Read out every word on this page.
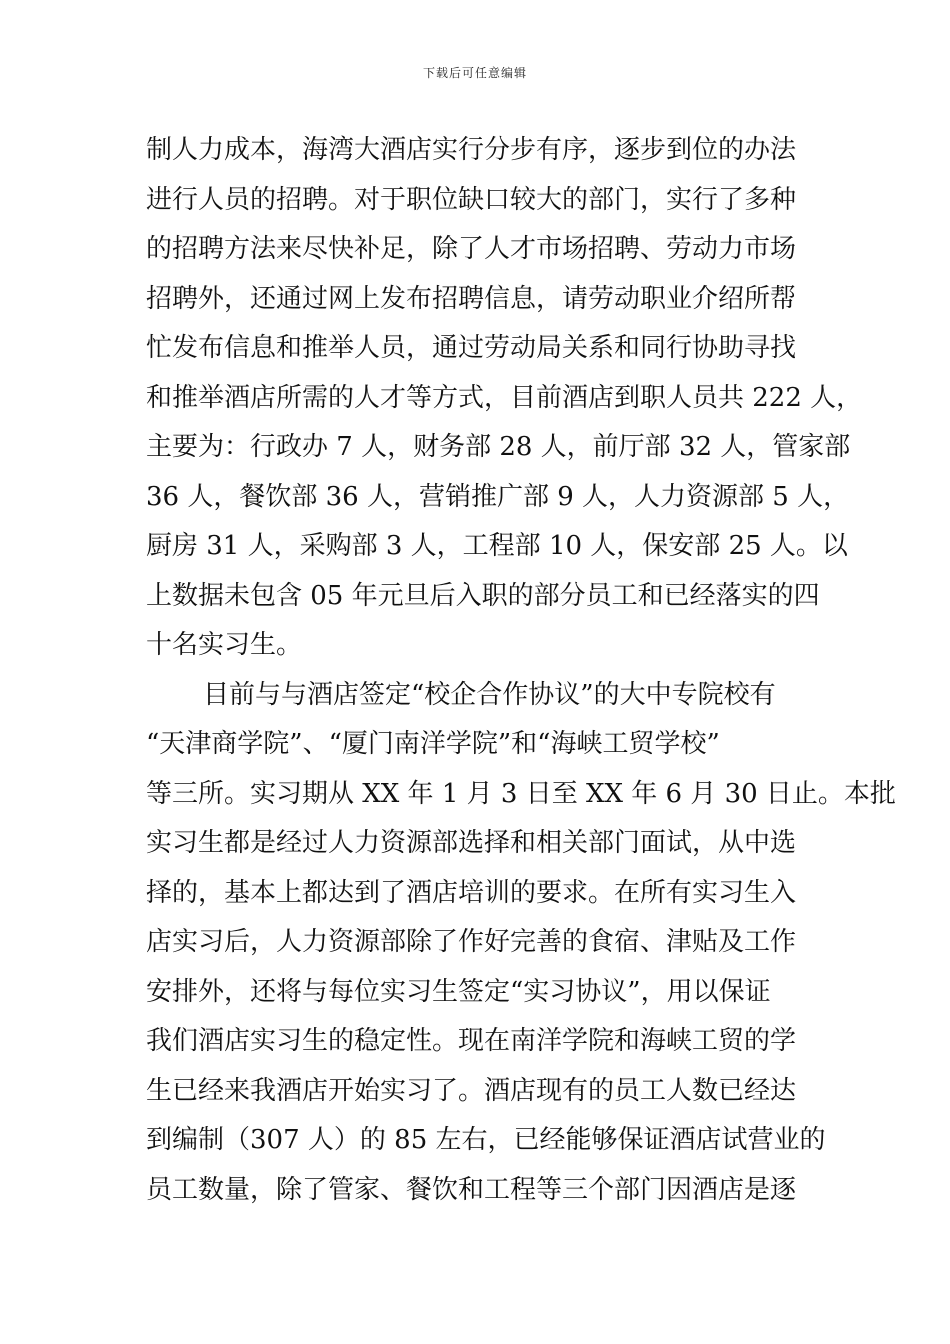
下载后可任意编辑
制人力成本，海湾大酒店实行分步有序，逐步到位的办法
进行人员的招聘。对于职位缺口较大的部门，实行了多种
的招聘方法来尽快补足，除了人才市场招聘、劳动力市场
招聘外，还通过网上发布招聘信息，请劳动职业介绍所帮
忙发布信息和推举人员，通过劳动局关系和同行协助寻找
和推举酒店所需的人才等方式，目前酒店到职人员共 222 人，
主要为：行政办 7 人，财务部 28 人，前厅部 32 人，管家部
36 人，餐饮部 36 人，营销推广部 9 人，人力资源部 5 人，
厨房 31 人，采购部 3 人，工程部 10 人，保安部 25 人。以
上数据未包含 05 年元旦后入职的部分员工和已经落实的四
十名实习生。
目前与与酒店签定“校企合作协议”的大中专院校有
“天津商学院”、“厦门南洋学院”和“海峡工贸学校”
等三所。实习期从 XX 年 1 月 3 日至 XX 年 6 月 30 日止。本批
实习生都是经过人力资源部选择和相关部门面试，从中选
择的，基本上都达到了酒店培训的要求。在所有实习生入
店实习后，人力资源部除了作好完善的食宿、津贴及工作
安排外，还将与每位实习生签定“实习协议”，用以保证
我们酒店实习生的稳定性。现在南洋学院和海峡工贸的学
生已经来我酒店开始实习了。酒店现有的员工人数已经达
到编制（307 人）的 85 左右，已经能够保证酒店试营业的
员工数量，除了管家、餐饮和工程等三个部门因酒店是逐
